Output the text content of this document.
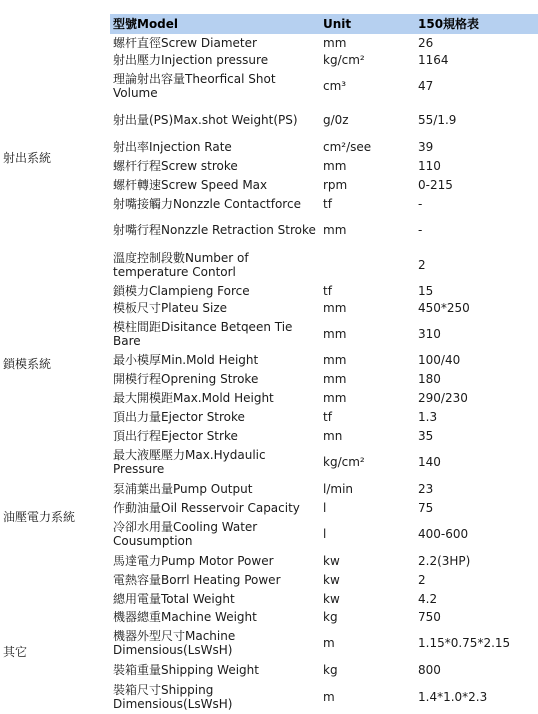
	型號Model	Unit	150規格表
射出系統	螺杆直徑Screw Diameter	mm	26
	射出壓力Injection pressure	kg/cm²	1164
	理論射出容量Theorfical Shot Volume	cm³	47
	射出量(PS)Max.shot Weight(PS)	g/0z	55/1.9
	射出率Injection Rate	cm²/see	39
	螺杆行程Screw stroke	mm	110
	螺杆轉速Screw Speed Max	rpm	0-215
	射嘴接觸力Nonzzle Contactforce	tf	-
	射嘴行程Nonzzle Retraction Stroke	mm	-
	溫度控制段數Number of temperature Contorl		2
鎖模系統	鎖模力Clampieng Force	tf	15
	模板尺寸Plateu Size	mm	450*250
	模柱間距Disitance Betqeen Tie Bare	mm	310
	最小模厚Min.Mold Height	mm	100/40
	開模行程Oprening Stroke	mm	180
	最大開模距Max.Mold Height	mm	290/230
	頂出力量Ejector Stroke	tf	1.3
	頂出行程Ejector Strke	mn	35
油壓電力系統	最大液壓壓力Max.Hydaulic Pressure	kg/cm²	140
	泵浦葉出量Pump Output	l/min	23
	作動油量Oil Resservoir Capacity	l	75
	冷卻水用量Cooling Water Cousumption	l	400-600
	馬達電力Pump Motor Power	kw	2.2(3HP)
	電熱容量Borrl Heating Power	kw	2
其它	總用電量Total Weight	kw	4.2
	機器總重Machine Weight	kg	750
	機器外型尺寸Machine Dimensious(LsWsH)	m	1.15*0.75*2.15
	裝箱重量Shipping Weight	kg	800
	裝箱尺寸Shipping Dimensious(LsWsH)	m	1.4*1.0*2.3
